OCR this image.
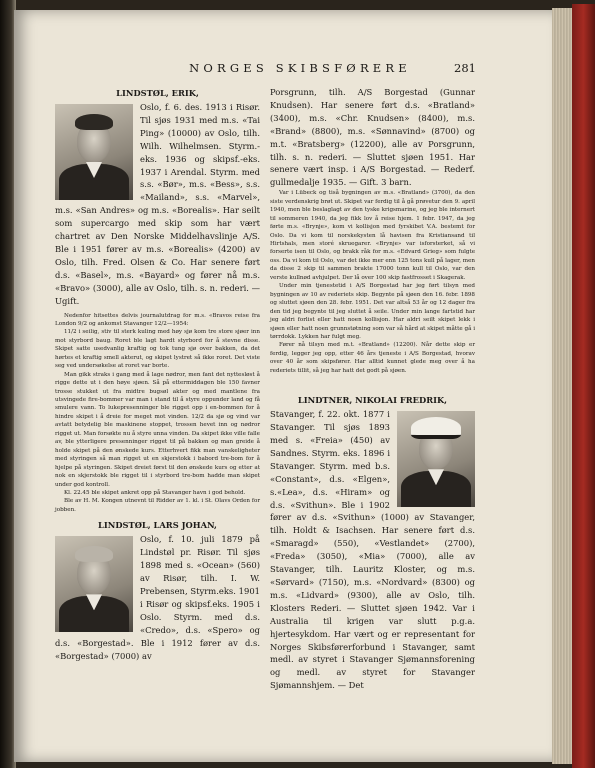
NORGES SKIBSFØRERE	281
LINDSTØL, ERIK,

Oslo, f. 6. des. 1913 i Risør. Til sjøs 1931 med m.s. «Tai Ping» (10000) av Oslo, tilh. Wilh. Wilhelmsen. Styrm.-eks. 1936 og skipsf.-eks. 1937 i Arendal. Styrm. med s.s. «Bør», m.s. «Bess», s.s. «Mailand», s.s. «Marvel», m.s. «San Andres» og m.s. «Borealis». Har seilt som supercargo med skip som har vært chartret av Den Norske Middelhavslinje A/S. Ble i 1951 fører av m.s. «Borealis» (4200) av Oslo, tilh. Fred. Olsen & Co. Har senere ført d.s. «Basel», m.s. «Bayard» og fører nå m.s. «Bravo» (3000), alle av Oslo, tilh. s. n. rederi. — Ugift.

Nedenfor hitsettes delvis journalutdrag for m.s. «Bravos reise fra London 9/2 og ankomst Stavanger 12/2—1954:

11/2 i seilig, stiv til sterk kuling med høy sjø kom tre store sjøer inn mot styrbord baug. Roret ble lagt hardt styrbord for å stevne disse. Skipet satte usedvanlig kraftig og tok tung sjø over bakken, da det hørtes et kraftig smell akterut, og skipet lystret så ikke roret. Det viste seg ved undersøkelse at roret var borte.

Man gikk straks i gang med å lage nødror, men fant det nyttesløst å rigge dette ut i den høye sjøen. Så på ettermiddagen ble 150 favner trosse stukket ut fra midtre bugsøl akter og med mantlene fra utsvingede fire-bommer var man i stand til å styre oppunder land og få smulere vann. To lukepresenninger ble rigget opp i en-bommen for å hindre skipet i å dreie for meget mot vinden. 12/2 da sjø og vind var avtatt betydelig ble maskinene stoppet, trossen hevet inn og nødror rigget ut. Man forsøkte nu å styre unna vinden. Da skipet ikke ville falle av, ble ytterligere presenninger rigget til på bakken og man greide å holde skipet på den ønskede kurs. Etterhvert fikk man vanskeligheter med styringen så man rigget ut en skjerstokk i babord tre-bom for å hjelpe på styringen. Skipet dreiet først til den ønskede kurs og etter at nok en skjerstokk ble rigget til i styrbord tre-bom hadde man skipet under god kontroll.

Kl. 22.45 ble skipet ankret opp på Stavanger havn i god behold.

Ble av H. M. Kongen utnevnt til Ridder av 1. kl. i St. Olavs Orden for jobben.

LINDSTØL, LARS JOHAN,

Oslo, f. 10. juli 1879 på Lindstøl pr. Risør. Til sjøs 1898 med s. «Ocean» (560) av Risør, tilh. I. W. Prebensen, Styrm.eks. 1901 i Risør og skipsf.eks. 1905 i Oslo. Styrm. med d.s. «Credo», d.s. «Spero» og d.s. «Borgestad». Ble i 1912 fører av d.s. «Borgestad» (7000) av

Porsgrunn, tilh. A/S Borgestad (Gunnar Knudsen). Har senere ført d.s. «Bratland» (3400), m.s. «Chr. Knudsen» (8400), m.s. «Brand» (8800), m.s. «Sønnavind» (8700) og m.t. «Bratsberg» (12200), alle av Porsgrunn, tilh. s. n. rederi. — Sluttet sjøen 1951. Har senere vært insp. i A/S Borgestad. — Rederf. gullmedalje 1935. — Gift. 3 barn.

Var i Lübeck og tiså bygningen av m.s. «Bratland» (3700), da den siste verdenskrig brøt ut. Skipet var ferdig til å gå prøvetur den 9. april 1940, men ble beslaglagt av den tyske krigsmarine, og jeg ble internert til sommeren 1940, da jeg fikk lov å reise hjem. 1 febr. 1947, da jeg førte m.s. «Brynje», kom vi kollisjon med fyrskibet V.A. bestemt for Oslo. Da vi kom til norskekysten lå havisen fra Kristiansand til Hirtshals, men storé skruegarer. «Brynje» var isforsterket, så vi forserte isen til Oslo, og brakk råk for m.s. «Edvard Grieg» som fulgte oss. Da vi kom til Oslo, var det ikke mer enn 125 tons kull på lager, men da disse 2 skip til sammen brakte 17000 tonn kull til Oslo, var den verste kullnød avhjulpet. Der lå over 100 skip fastfrosset i Skagerak.

Under min tjenestetid i A/S Borgestad har jeg ført tilsyn med bygningen av 10 av rederiets skip. Begynte på sjøen den 16. febr. 1898 og sluttet sjøen den 28. febr. 1951. Det var altså 53 år og 12 dager fra den tid jeg begynte til jeg sluttet å seile. Under min lange fartstid har jeg aldri forlist eller hatt noen kollisjon. Har aldri seilt skipet lekk i sjøen eller hatt noen grunnstøtning som var så hård at skipet måtte gå i tørrdokk. Lykken har fulgt meg.

Fører nå tilsyn med m.t. «Bratland» (12200). Når dette skip er ferdig, legger jeg opp, etter 46 års tjeneste i A/S Borgestad, hvorav over 40 år som skipsfører. Har alltid kunnet glede meg over å ha rederiets tillit, så jeg har hatt det godt på sjøen.

LINDTNER, NIKOLAI FREDRIK,

Stavanger, f. 22. okt. 1877 i Stavanger. Til sjøs 1893 med s. «Freia» (450) av Sandnes. Styrm. eks. 1896 i Stavanger. Styrm. med b.s. «Constant», d.s. «Elgen», s.«Lea», d.s. «Hiram» og d.s. «Svithun». Ble i 1902 fører av d.s. «Svithun» (1000) av Stavanger, tilh. Holdt & Isachsen. Har senere ført d.s. «Smaragd» (550), «Vestlandet» (2700), «Freda» (3050), «Mia» (7000), alle av Stavanger, tilh. Lauritz Kloster, og m.s. «Sørvard» (7150), m.s. «Nordvard» (8300) og m.s. «Lidvard» (9300), alle av Oslo, tilh. Klosters Rederi. — Sluttet sjøen 1942. Var i Australia til krigen var slutt p.g.a. hjertesykdom. Har vært og er representant for Norges Skibsførerforbund i Stavanger, samt medl. av styret i Stavanger Sjømannsforening og medl. av styret for Stavanger Sjømannshjem. — Det
